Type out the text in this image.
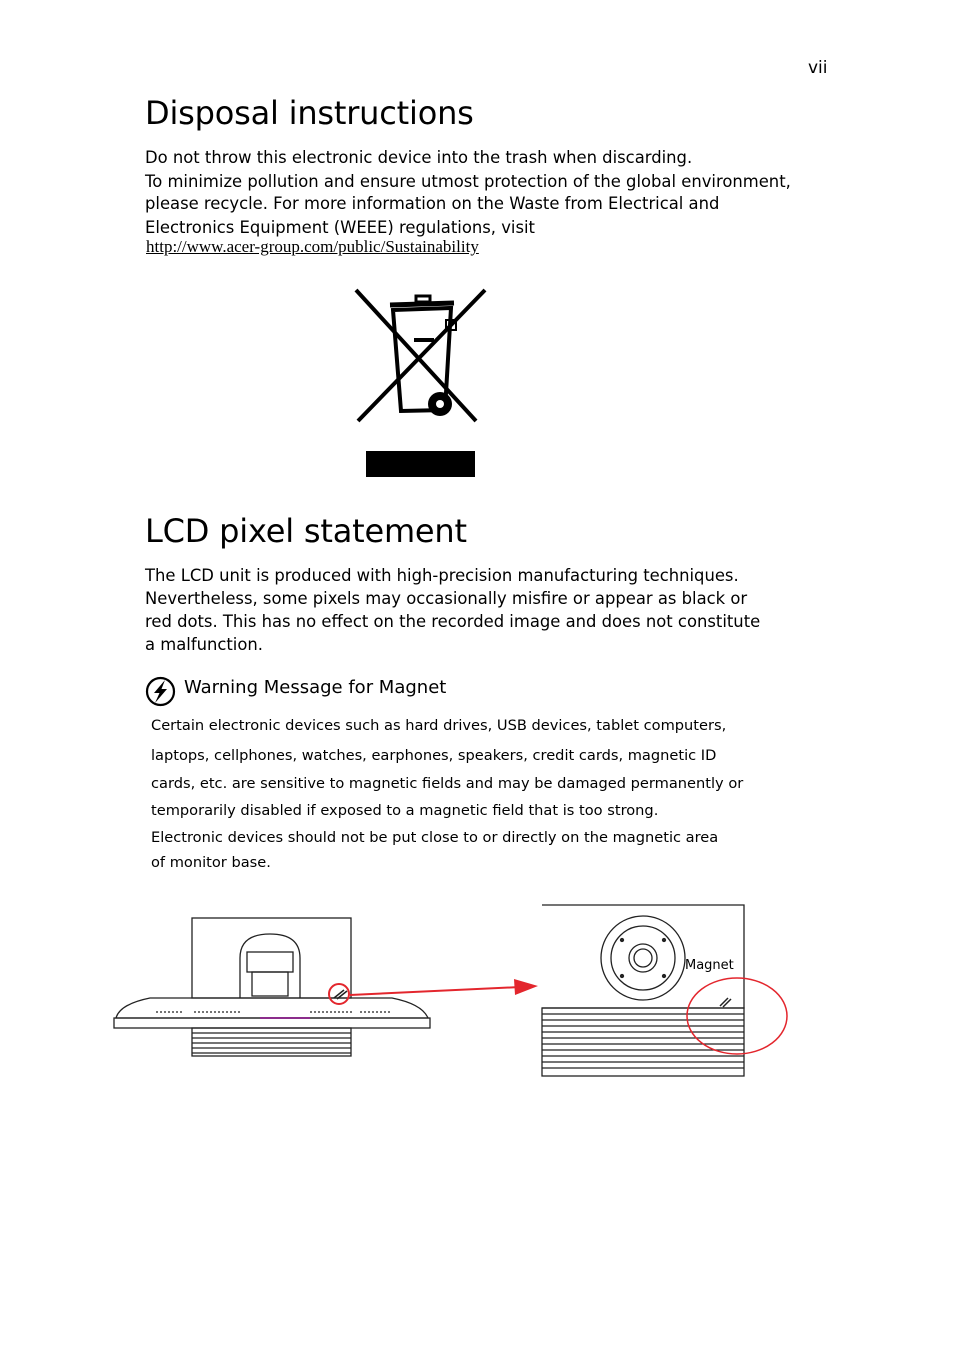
vii
Disposal instructions
Do not throw this electronic device into the trash when discarding.
To minimize pollution and ensure utmost protection of the global environment,
please recycle. For more information on the Waste from Electrical and
Electronics Equipment (WEEE) regulations, visit
http://www.acer-group.com/public/Sustainability
LCD pixel statement
The LCD unit is produced with high-precision manufacturing techniques.
Nevertheless, some pixels may occasionally misfire or appear as black or
red dots. This has no effect on the recorded image and does not constitute
a malfunction.
Warning Message for Magnet
Certain electronic devices such as hard drives, USB devices, tablet computers,
laptops, cellphones, watches, earphones, speakers, credit cards, magnetic ID
cards, etc. are sensitive to magnetic fields and may be damaged permanently or
temporarily disabled if exposed to a magnetic field that is too strong.
Electronic devices should not be put close to or directly on the magnetic area
of monitor base.
Magnet
